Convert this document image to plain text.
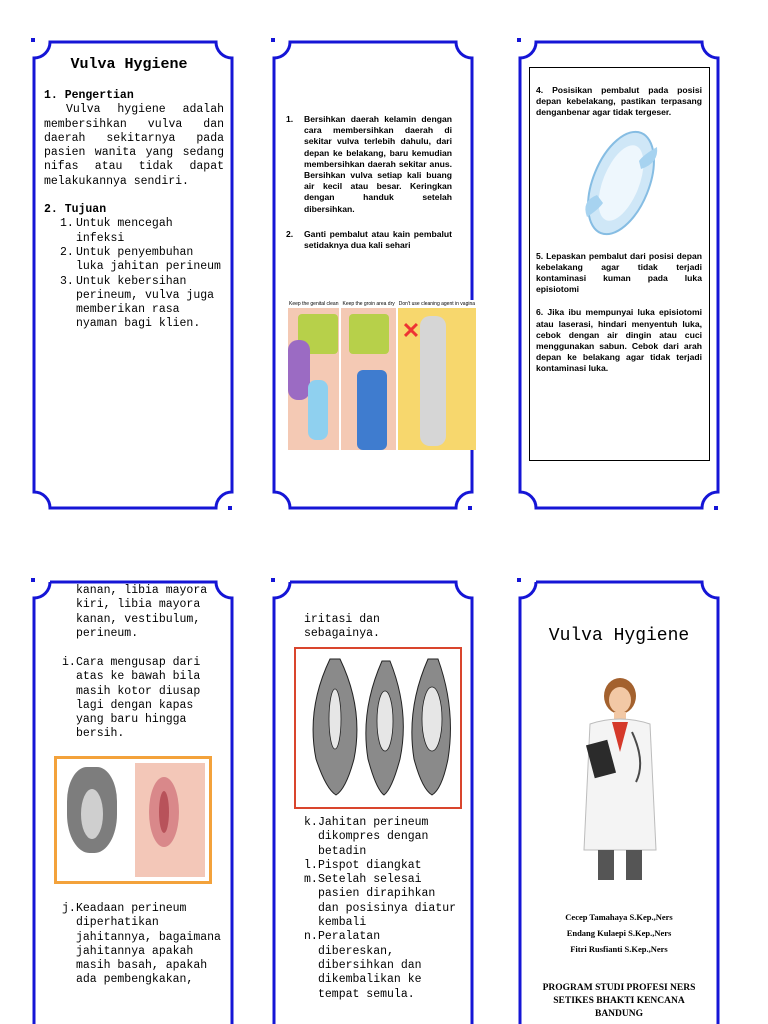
Vulva Hygiene
1. Pengertian
Vulva hygiene adalah membersihkan vulva dan daerah sekitarnya pada pasien wanita yang sedang nifas atau tidak dapat melakukannya sendiri.
2. Tujuan
1. Untuk mencegah infeksi
2. Untuk penyembuhan luka jahitan perineum
3. Untuk kebersihan perineum, vulva juga memberikan rasa nyaman bagi klien.
1.	Bersihkan daerah kelamin dengan cara membersihkan daerah di sekitar vulva terlebih dahulu, dari depan ke belakang, baru kemudian membersihkan daerah sekitar anus. Bersihkan vulva setiap kali buang air kecil atau besar. Keringkan dengan handuk setelah dibersihkan.
2.	Ganti pembalut atau kain pembalut setidaknya dua kali sehari
Keep the genital clean Keep the groin area dry Don't use cleaning agent in vagina
✕
4. Posisikan pembalut pada posisi depan kebelakang, pastikan terpasang denganbenar agar tidak tergeser.
5. Lepaskan pembalut dari posisi depan kebelakang agar tidak terjadi kontaminasi kuman pada luka episiotomi
6. Jika ibu mempunyai luka episiotomi atau laserasi, hindari menyentuh luka, cebok dengan air dingin atau cuci menggunakan sabun. Cebok dari arah depan ke belakang agar tidak terjadi kontaminasi luka.
kanan, libia mayora kiri, libia mayora kanan, vestibulum, perineum.
i. Cara mengusap dari atas ke bawah bila masih kotor diusap lagi dengan kapas yang baru hingga bersih.
j. Keadaan perineum diperhatikan jahitannya, bagaimana jahitannya apakah masih basah, apakah ada pembengkakan,
iritasi dan sebagainya.
k. Jahitan perineum dikompres dengan betadin
l. Pispot diangkat
m. Setelah selesai pasien dirapihkan dan posisinya diatur kembali
n. Peralatan dibereskan, dibersihkan dan dikembalikan ke tempat semula.
Vulva Hygiene
Cecep Tamahaya S.Kep.,Ners
Endang Kulaepi S.Kep.,Ners
Fitri Rusfianti S.Kep.,Ners
PROGRAM STUDI PROFESI NERS
SETIKES BHAKTI KENCANA
BANDUNG
